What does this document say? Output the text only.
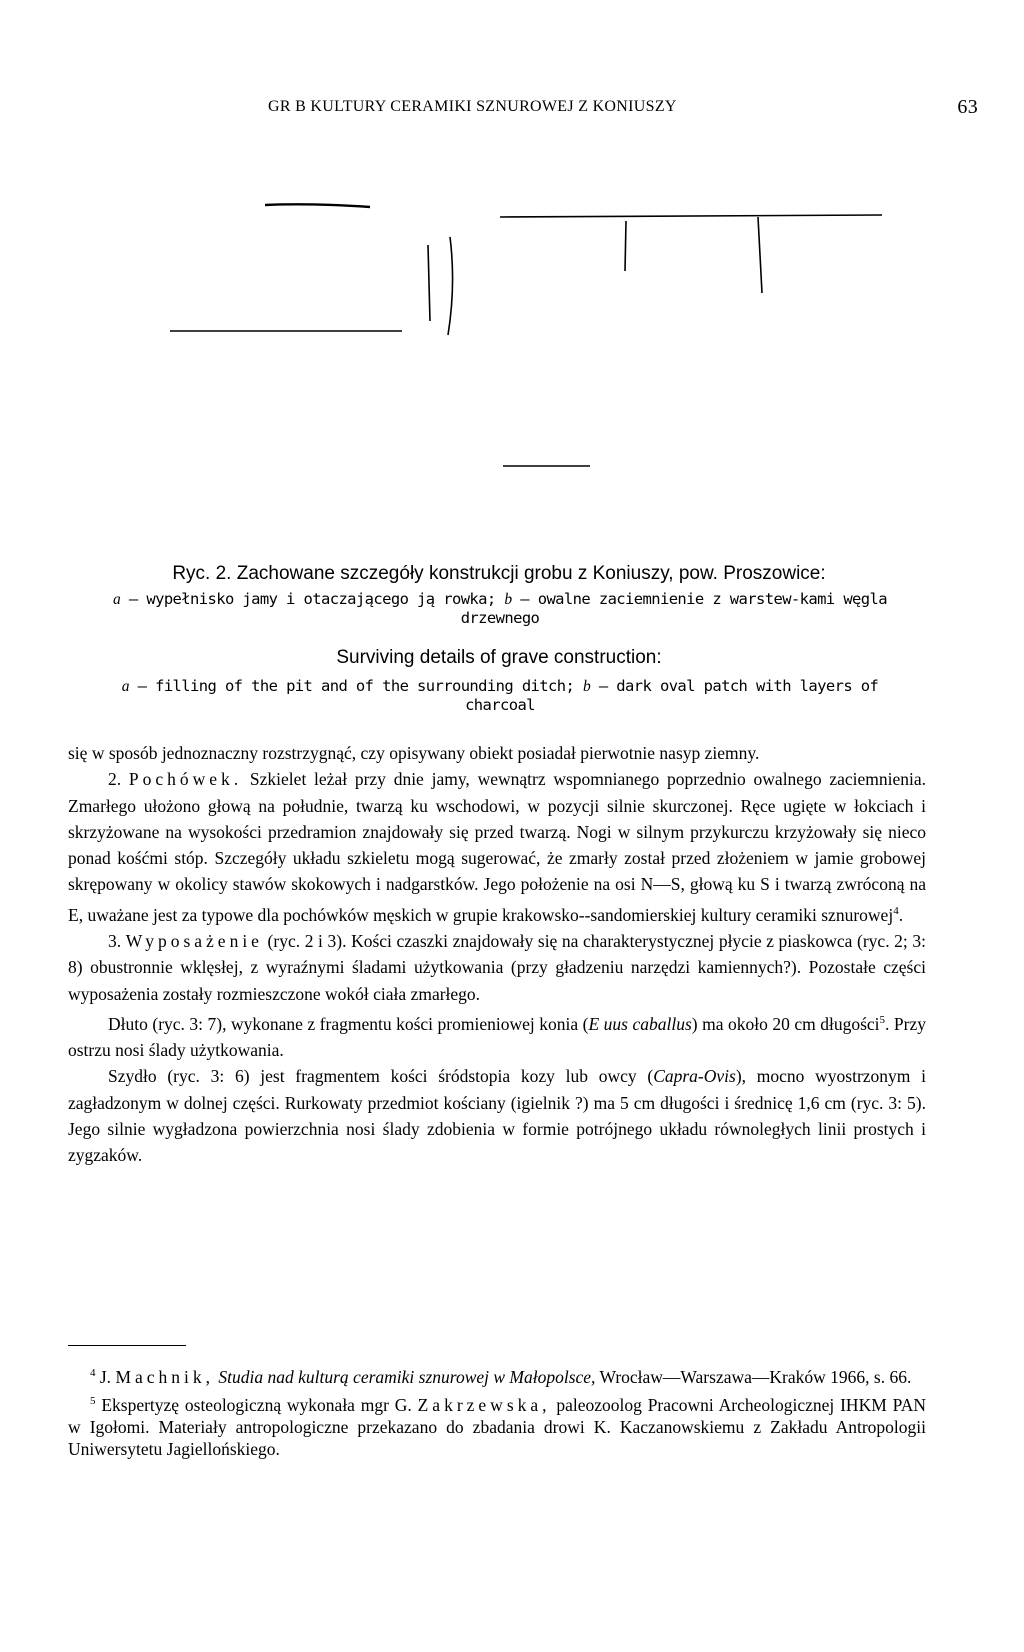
GR B KULTURY CERAMIKI SZNUROWEJ Z KONIUSZY	63
Ryc. 2. Zachowane szczegóły konstrukcji grobu z Koniuszy, pow. Proszowice:
a — wypełnisko jamy i otaczającego ją rowka; b — owalne zaciemnienie z warstew-kami węgla drzewnego
Surviving details of grave construction:
a — filling of the pit and of the surrounding ditch; b — dark oval patch with layers of charcoal

się w sposób jednoznaczny rozstrzygnąć, czy opisywany obiekt posiadał pierwotnie nasyp ziemny.

2. Pochówek. Szkielet leżał przy dnie jamy, wewnątrz wspomnianego poprzednio owalnego zaciemnienia. Zmarłego ułożono głową na południe, twarzą ku wschodowi, w pozycji silnie skurczonej. Ręce ugięte w łokciach i skrzyżowane na wysokości przedramion znajdowały się przed twarzą. Nogi w silnym przykurczu krzyżowały się nieco ponad kośćmi stóp. Szczegóły układu szkieletu mogą sugerować, że zmarły został przed złożeniem w jamie grobowej skrępowany w okolicy stawów skokowych i nadgarstków. Jego położenie na osi N—S, głową ku S i twarzą zwróconą na E, uważane jest za typowe dla pochówków męskich w grupie krakowsko--sandomierskiej kultury ceramiki sznurowej$^4$.

3. Wyposażenie (ryc. 2 i 3). Kości czaszki znajdowały się na charakterystycznej płycie z piaskowca (ryc. 2; 3: 8) obustronnie wklęsłej, z wyraźnymi śladami użytkowania (przy gładzeniu narzędzi kamiennych?). Pozostałe części wyposażenia zostały rozmieszczone wokół ciała zmarłego.

Dłuto (ryc. 3: 7), wykonane z fragmentu kości promieniowej konia (E uus caballus) ma około 20 cm długości$^5$. Przy ostrzu nosi ślady użytkowania.

Szydło (ryc. 3: 6) jest fragmentem kości śródstopia kozy lub owcy (Capra-Ovis), mocno wyostrzonym i zagładzonym w dolnej części. Rurkowaty przedmiot kościany (igielnik ?) ma 5 cm długości i średnicę 1,6 cm (ryc. 3: 5). Jego silnie wygładzona powierzchnia nosi ślady zdobienia w formie potrójnego układu równoległych linii prostych i zygzaków.

$^4$ J. Machnik, Studia nad kulturą ceramiki sznurowej w Małopolsce, Wrocław—Warszawa—Kraków 1966, s. 66.

$^5$ Ekspertyzę osteologiczną wykonała mgr G. Zakrzewska, paleozoolog Pracowni Archeologicznej IHKM PAN w Igołomi. Materiały antropologiczne przekazano do zbadania drowi K. Kaczanowskiemu z Zakładu Antropologii Uniwersytetu Jagiellońskiego.
